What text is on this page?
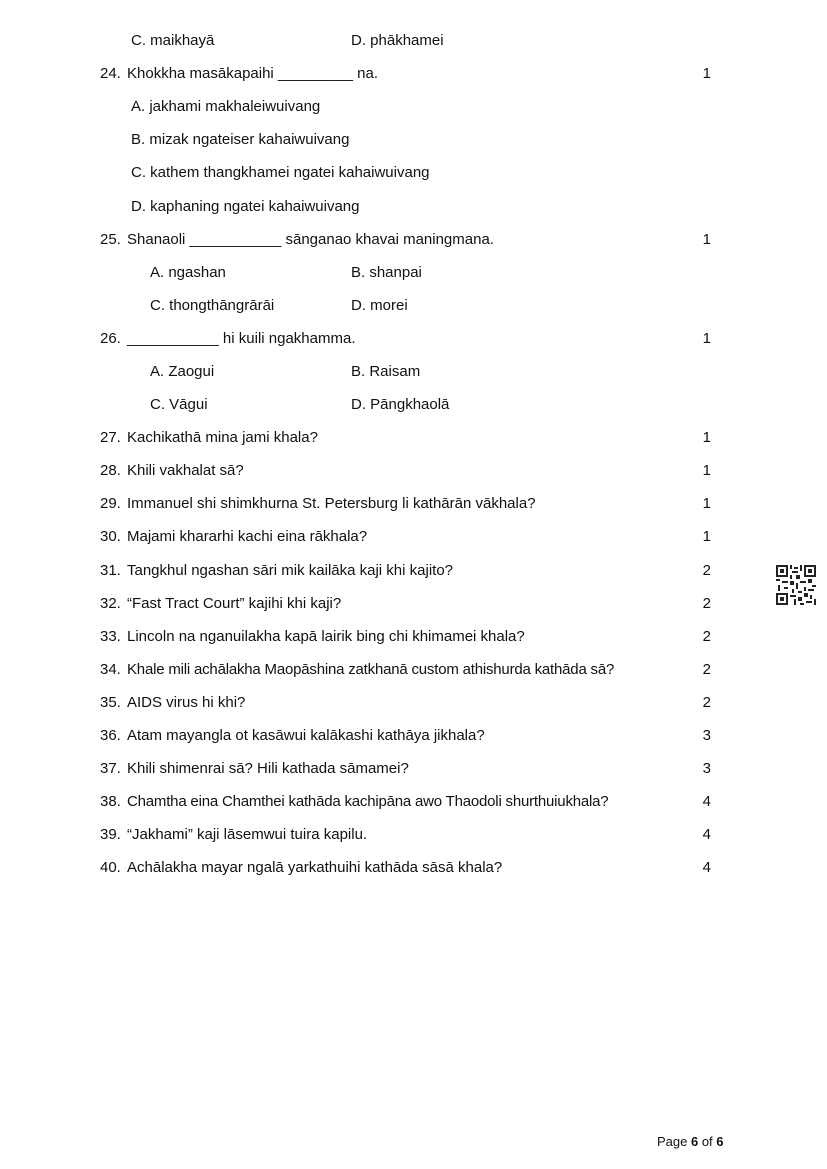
C. maikhayā	D. phākhamei
24. Khokkha masākapaihi _________ na.	1
A. jakhami makhaleiwuivang
B. mizak ngateiser kahaiwuivang
C. kathem thangkhamei ngatei kahaiwuivang
D. kaphaning ngatei kahaiwuivang
25. Shanaoli ___________ sānganao khavai maningmana.	1
A. ngashan	B. shanpai
C. thongthāngrārāi	D. morei
26. ___________ hi kuili ngakhamma.	1
A. Zaogui	B. Raisam
C. Vāgui	D. Pāngkhaolā
27. Kachikathā mina jami khala?	1
28. Khili vakhalat sā?	1
29. Immanuel shi shimkhurna St. Petersburg li kathārān vākhala?	1
30. Majami khararhi kachi eina rākhala?	1
31. Tangkhul ngashan sāri mik kailāka kaji khi kajito?	2
32. “Fast Tract Court” kajihi khi kaji?	2
33. Lincoln na nganuilakha kapā lairik bing chi khimamei khala?	2
34. Khale mili achālakha Maopāshina zatkhanā custom athishurda kathāda sā?	2
35. AIDS virus hi khi?	2
36. Atam mayangla ot kasāwui kalākashi kathāya jikhala?	3
37. Khili shimenrai sā? Hili kathada sāmamei?	3
38. Chamtha eina Chamthei kathāda kachipāna awo Thaodoli shurthuiukhala?	4
39. “Jakhami” kaji lāsemwui tuira kapilu.	4
40. Achālakha mayar ngalā yarkathuihi kathāda sāsā khala?	4
Page 6 of 6
